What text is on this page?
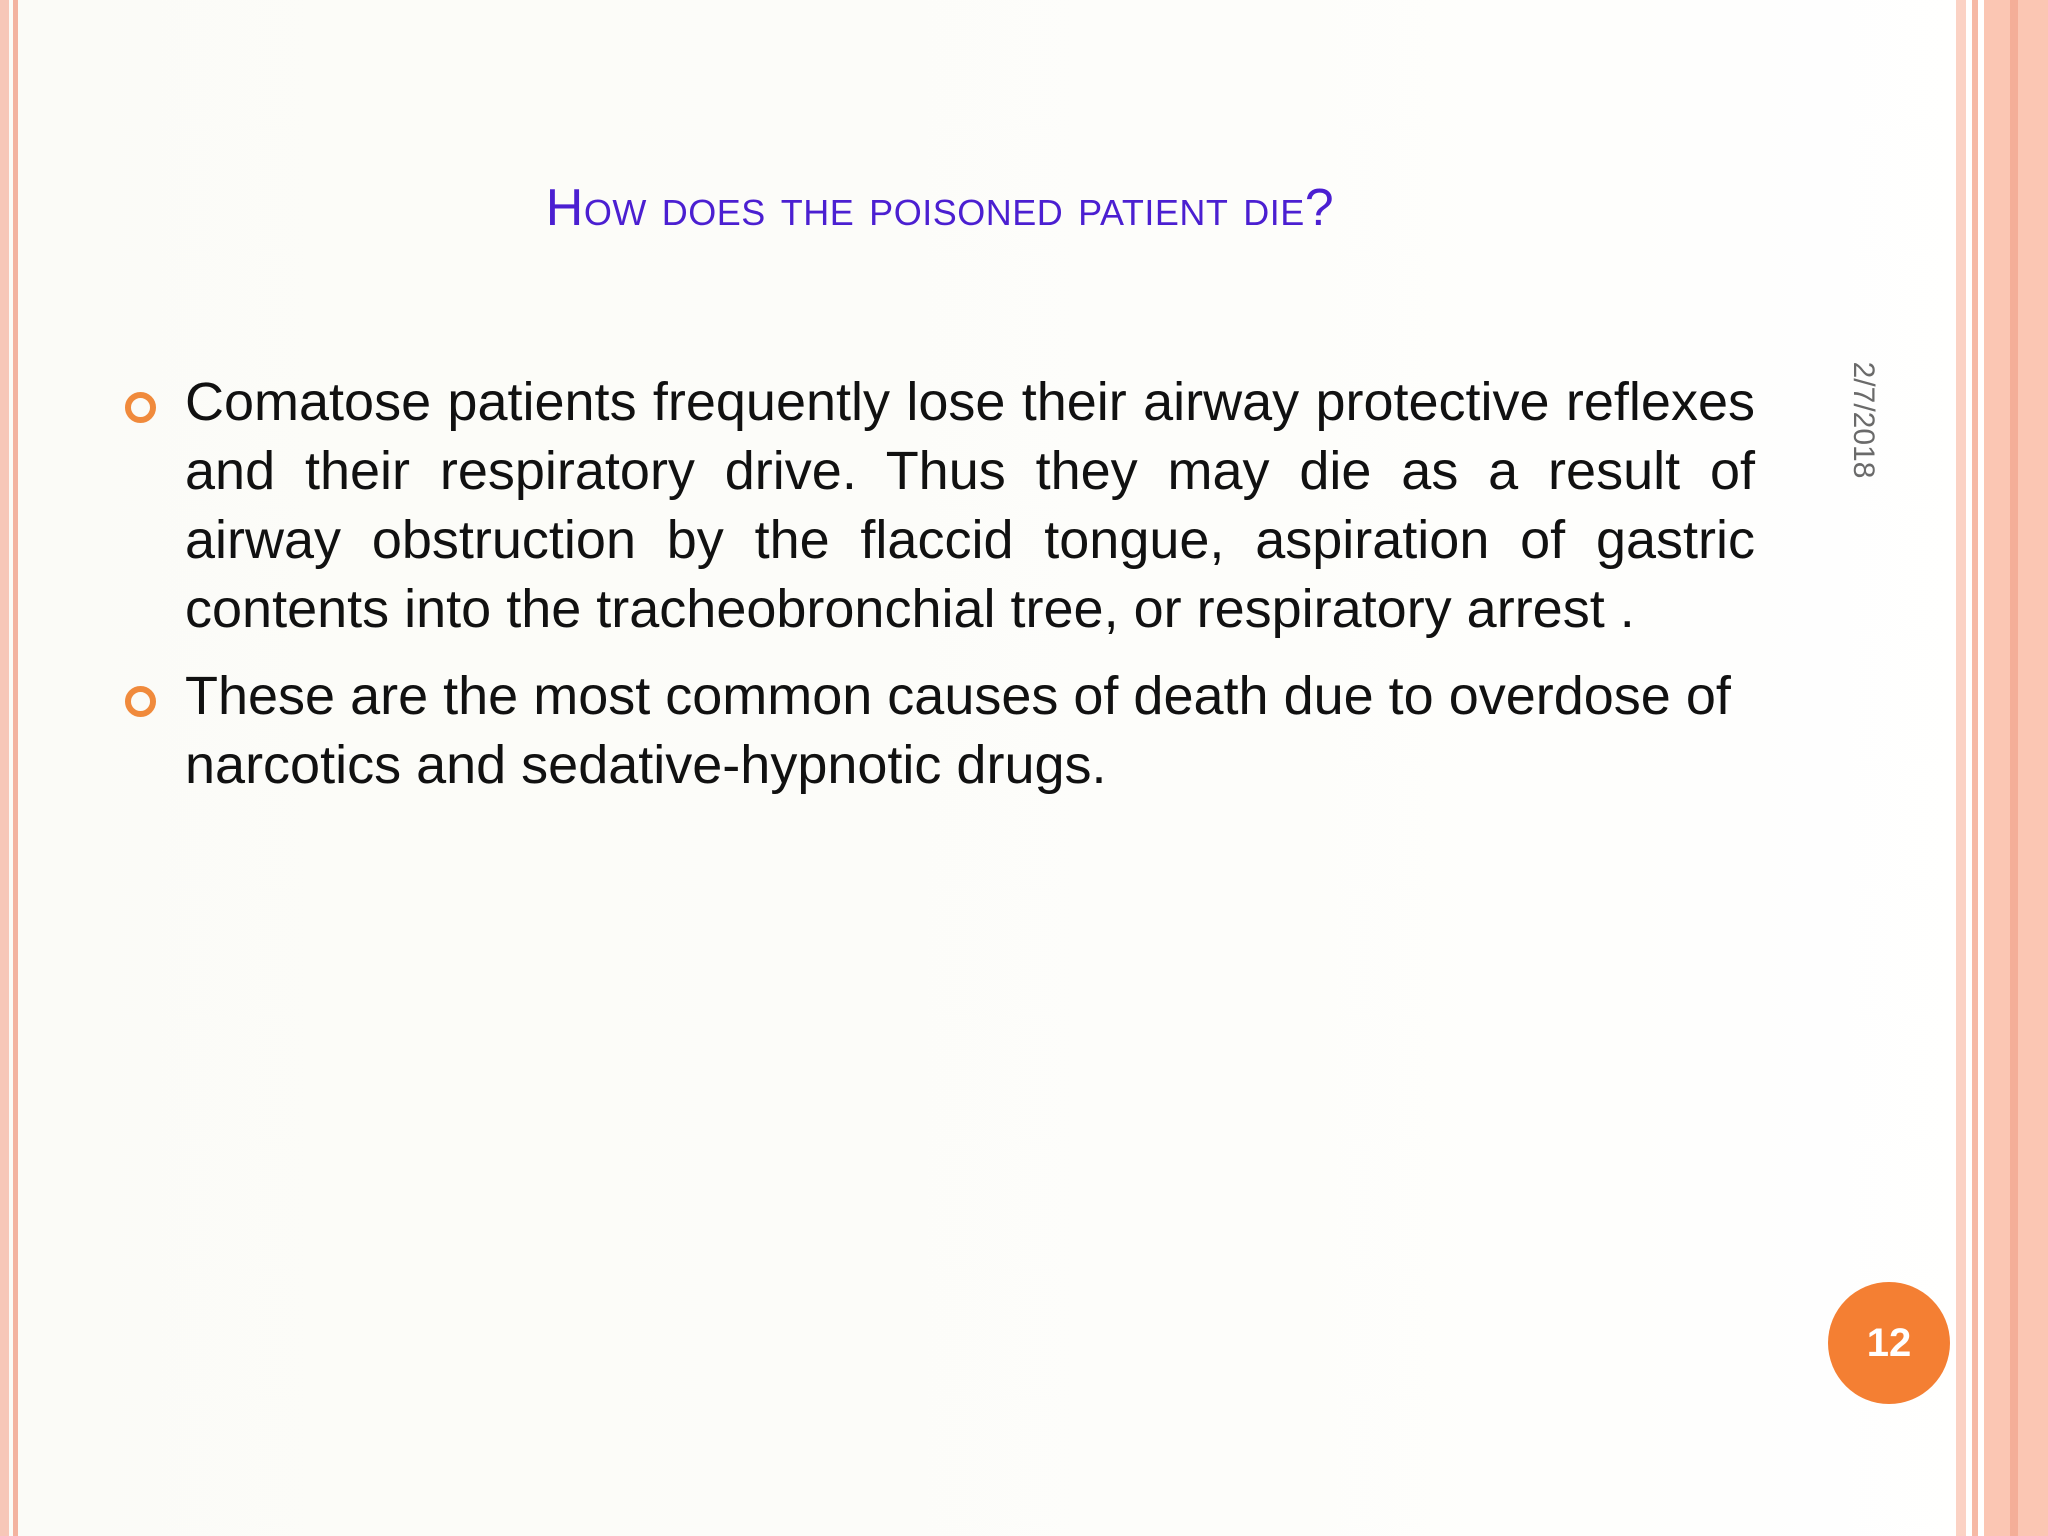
How does the poisoned patient die?
2/7/2018
Comatose patients frequently lose their airway protective reflexes and their respiratory drive. Thus they may die as a result of airway obstruction by the flaccid tongue, aspiration of gastric contents into the tracheobronchial tree, or respiratory arrest .
These are the most common causes of death due to overdose of narcotics and sedative-hypnotic drugs.
12
